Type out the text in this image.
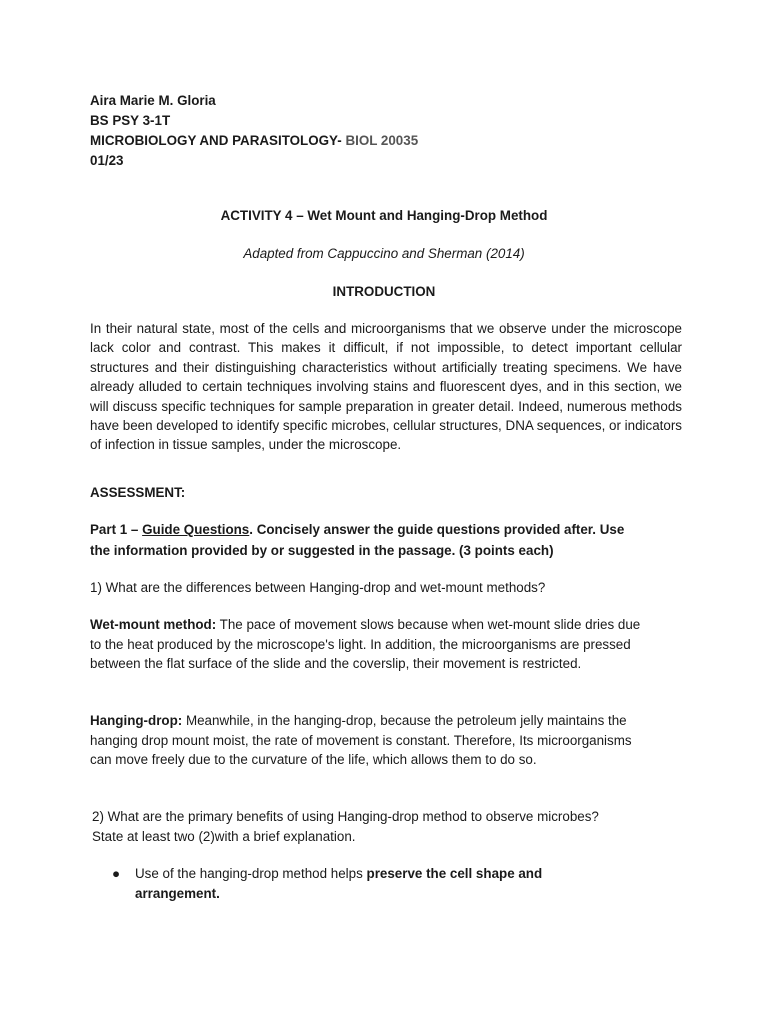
Aira Marie M. Gloria
BS PSY 3-1T
MICROBIOLOGY AND PARASITOLOGY- BIOL 20035
01/23
ACTIVITY 4 – Wet Mount and Hanging-Drop Method
Adapted from Cappuccino and Sherman (2014)
INTRODUCTION
In their natural state, most of the cells and microorganisms that we observe under the microscope lack color and contrast. This makes it difficult, if not impossible, to detect important cellular structures and their distinguishing characteristics without artificially treating specimens. We have already alluded to certain techniques involving stains and fluorescent dyes, and in this section, we will discuss specific techniques for sample preparation in greater detail. Indeed, numerous methods have been developed to identify specific microbes, cellular structures, DNA sequences, or indicators of infection in tissue samples, under the microscope.
ASSESSMENT:
Part 1 – Guide Questions. Concisely answer the guide questions provided after. Use
the information provided by or suggested in the passage. (3 points each)
1) What are the differences between Hanging-drop and wet-mount methods?
Wet-mount method: The pace of movement slows because when wet-mount slide dries due to the heat produced by the microscope's light. In addition, the microorganisms are pressed between the flat surface of the slide and the coverslip, their movement is restricted.
Hanging-drop: Meanwhile, in the hanging-drop, because the petroleum jelly maintains the hanging drop mount moist, the rate of movement is constant. Therefore, Its microorganisms can move freely due to the curvature of the life, which allows them to do so.
2) What are the primary benefits of using Hanging-drop method to observe microbes? State at least two (2)with a brief explanation.
● Use of the hanging-drop method helps preserve the cell shape and arrangement.
